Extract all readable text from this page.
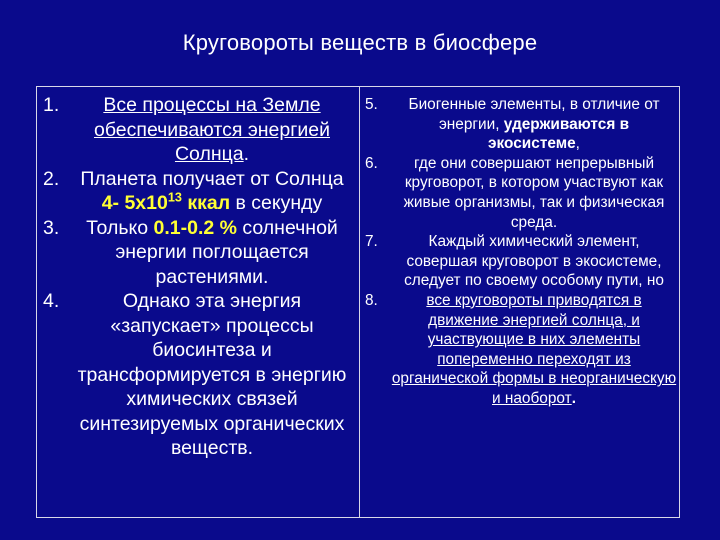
Круговороты веществ в биосфере
1.	Все процессы на Земле обеспечиваются энергией Солнца.
2.	Планета получает от Солнца 4- $5x10^{13}$ ккал в секунду
3.	Только 0.1-0.2 % солнечной энергии поглощается растениями.
4.	Однако эта энергия «запускает» процессы биосинтеза и трансформируется в энергию химических связей синтезируемых органических веществ.
5.	Биогенные элементы, в отличие от энергии, удерживаются в экосистеме,
6.	где они совершают непрерывный круговорот, в котором участвуют как живые организмы, так и физическая среда.
7.	Каждый химический элемент, совершая круговорот в экосистеме, следует по своему особому пути, но
8.	все круговороты приводятся в движение энергией солнца, и участвующие в них элементы попеременно переходят из органической формы в неорганическую и наоборот.
